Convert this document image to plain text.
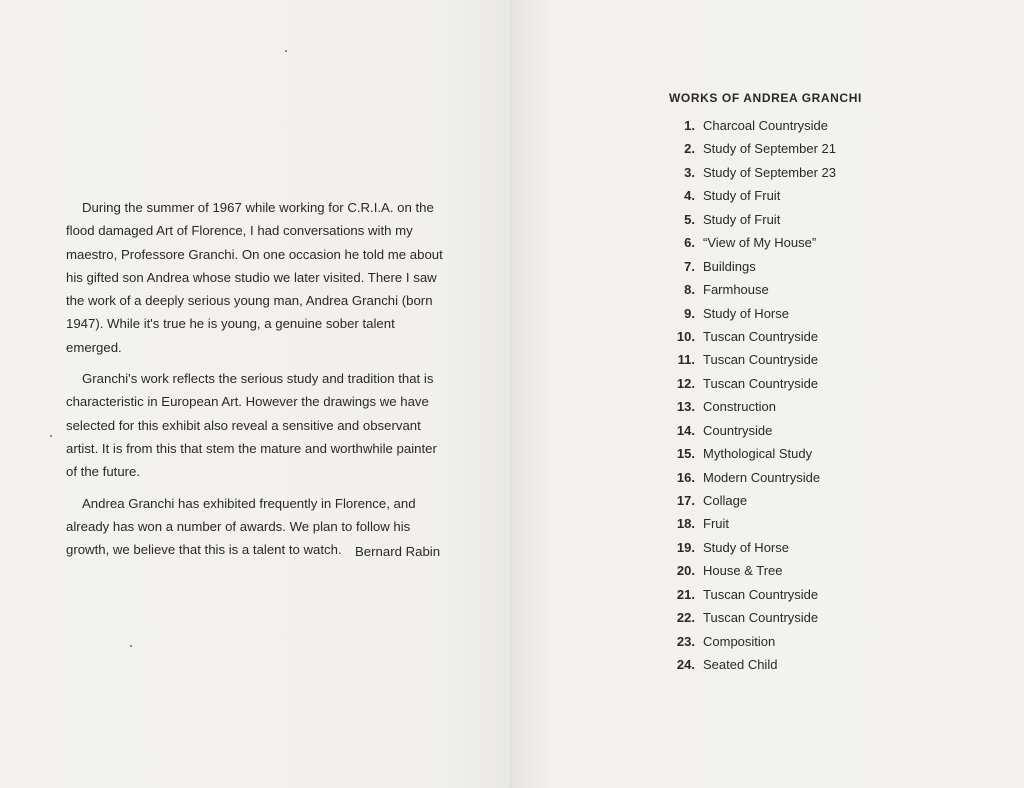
During the summer of 1967 while working for C.R.I.A. on the flood damaged Art of Florence, I had conversations with my maestro, Professore Granchi. On one occasion he told me about his gifted son Andrea whose studio we later visited. There I saw the work of a deeply serious young man, Andrea Granchi (born 1947). While it's true he is young, a genuine sober talent emerged.

Granchi's work reflects the serious study and tradition that is characteristic in European Art. However the drawings we have selected for this exhibit also reveal a sensitive and observant artist. It is from this that stem the mature and worthwhile painter of the future.

Andrea Granchi has exhibited frequently in Florence, and already has won a number of awards. We plan to follow his growth, we believe that this is a talent to watch.	Bernard Rabin
WORKS OF ANDREA GRANCHI
1. Charcoal Countryside
2. Study of September 21
3. Study of September 23
4. Study of Fruit
5. Study of Fruit
6. “View of My House”
7. Buildings
8. Farmhouse
9. Study of Horse
10. Tuscan Countryside
11. Tuscan Countryside
12. Tuscan Countryside
13. Construction
14. Countryside
15. Mythological Study
16. Modern Countryside
17. Collage
18. Fruit
19. Study of Horse
20. House & Tree
21. Tuscan Countryside
22. Tuscan Countryside
23. Composition
24. Seated Child
